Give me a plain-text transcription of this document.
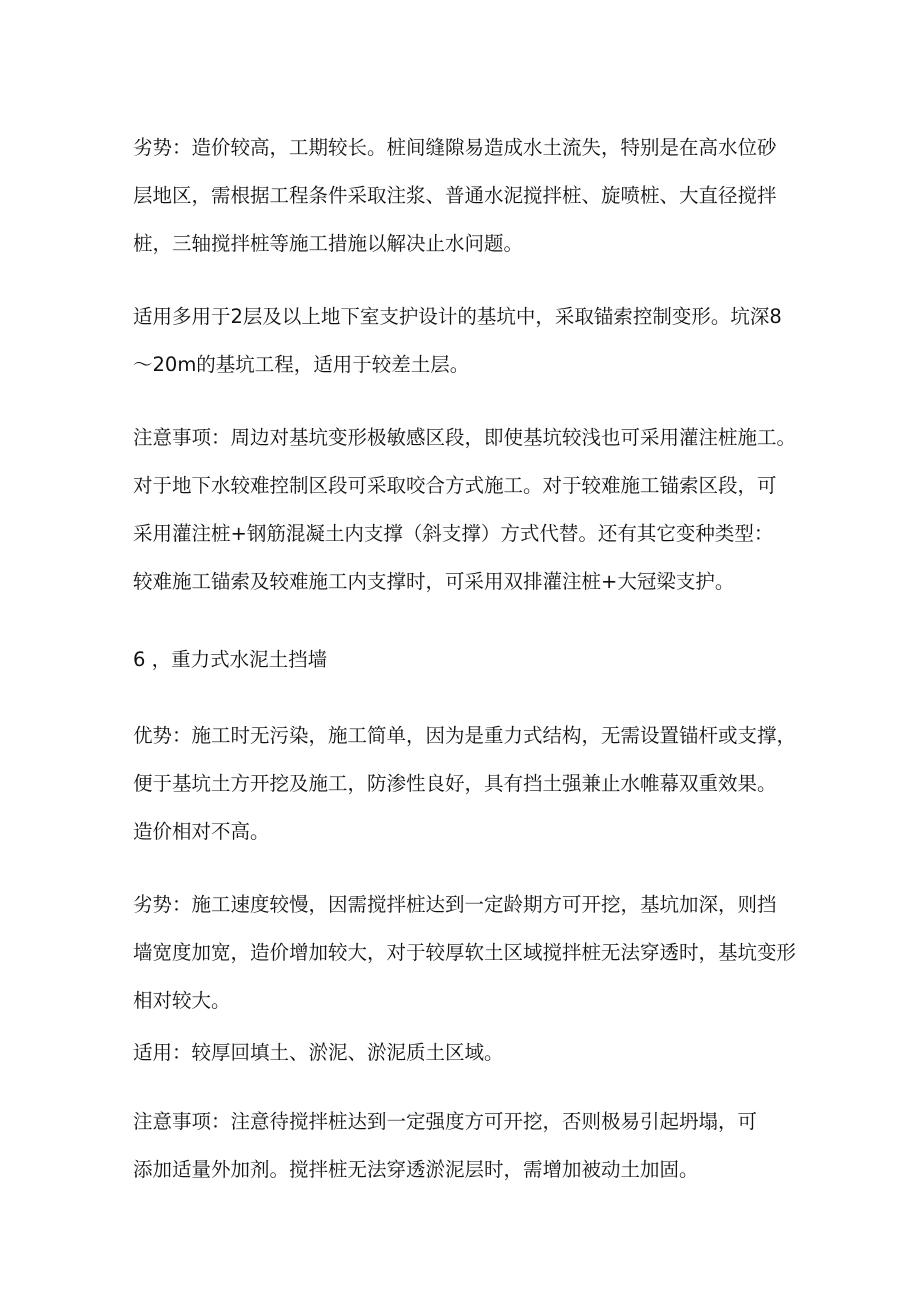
劣势：造价较高，工期较长。桩间缝隙易造成水土流失，特别是在高水位砂
层地区，需根据工程条件采取注浆、普通水泥搅拌桩、旋喷桩、大直径搅拌
桩，三轴搅拌桩等施工措施以解决止水问题。
适用多用于2层及以上地下室支护设计的基坑中，采取锚索控制变形。坑深8
～20m的基坑工程，适用于较差土层。
注意事项：周边对基坑变形极敏感区段，即使基坑较浅也可采用灌注桩施工。
对于地下水较难控制区段可采取咬合方式施工。对于较难施工锚索区段，可
采用灌注桩+钢筋混凝土内支撑（斜支撑）方式代替。还有其它变种类型：
较难施工锚索及较难施工内支撑时，可采用双排灌注桩+大冠梁支护。
6 ，重力式水泥土挡墙
优势：施工时无污染，施工简单，因为是重力式结构，无需设置锚杆或支撑，
便于基坑土方开挖及施工，防渗性良好，具有挡土强兼止水帷幕双重效果。
造价相对不高。
劣势：施工速度较慢，因需搅拌桩达到一定龄期方可开挖，基坑加深，则挡
墙宽度加宽，造价增加较大，对于较厚软土区域搅拌桩无法穿透时，基坑变形
相对较大。
适用：较厚回填土、淤泥、淤泥质土区域。
注意事项：注意待搅拌桩达到一定强度方可开挖，否则极易引起坍塌，可
添加适量外加剂。搅拌桩无法穿透淤泥层时，需增加被动土加固。
